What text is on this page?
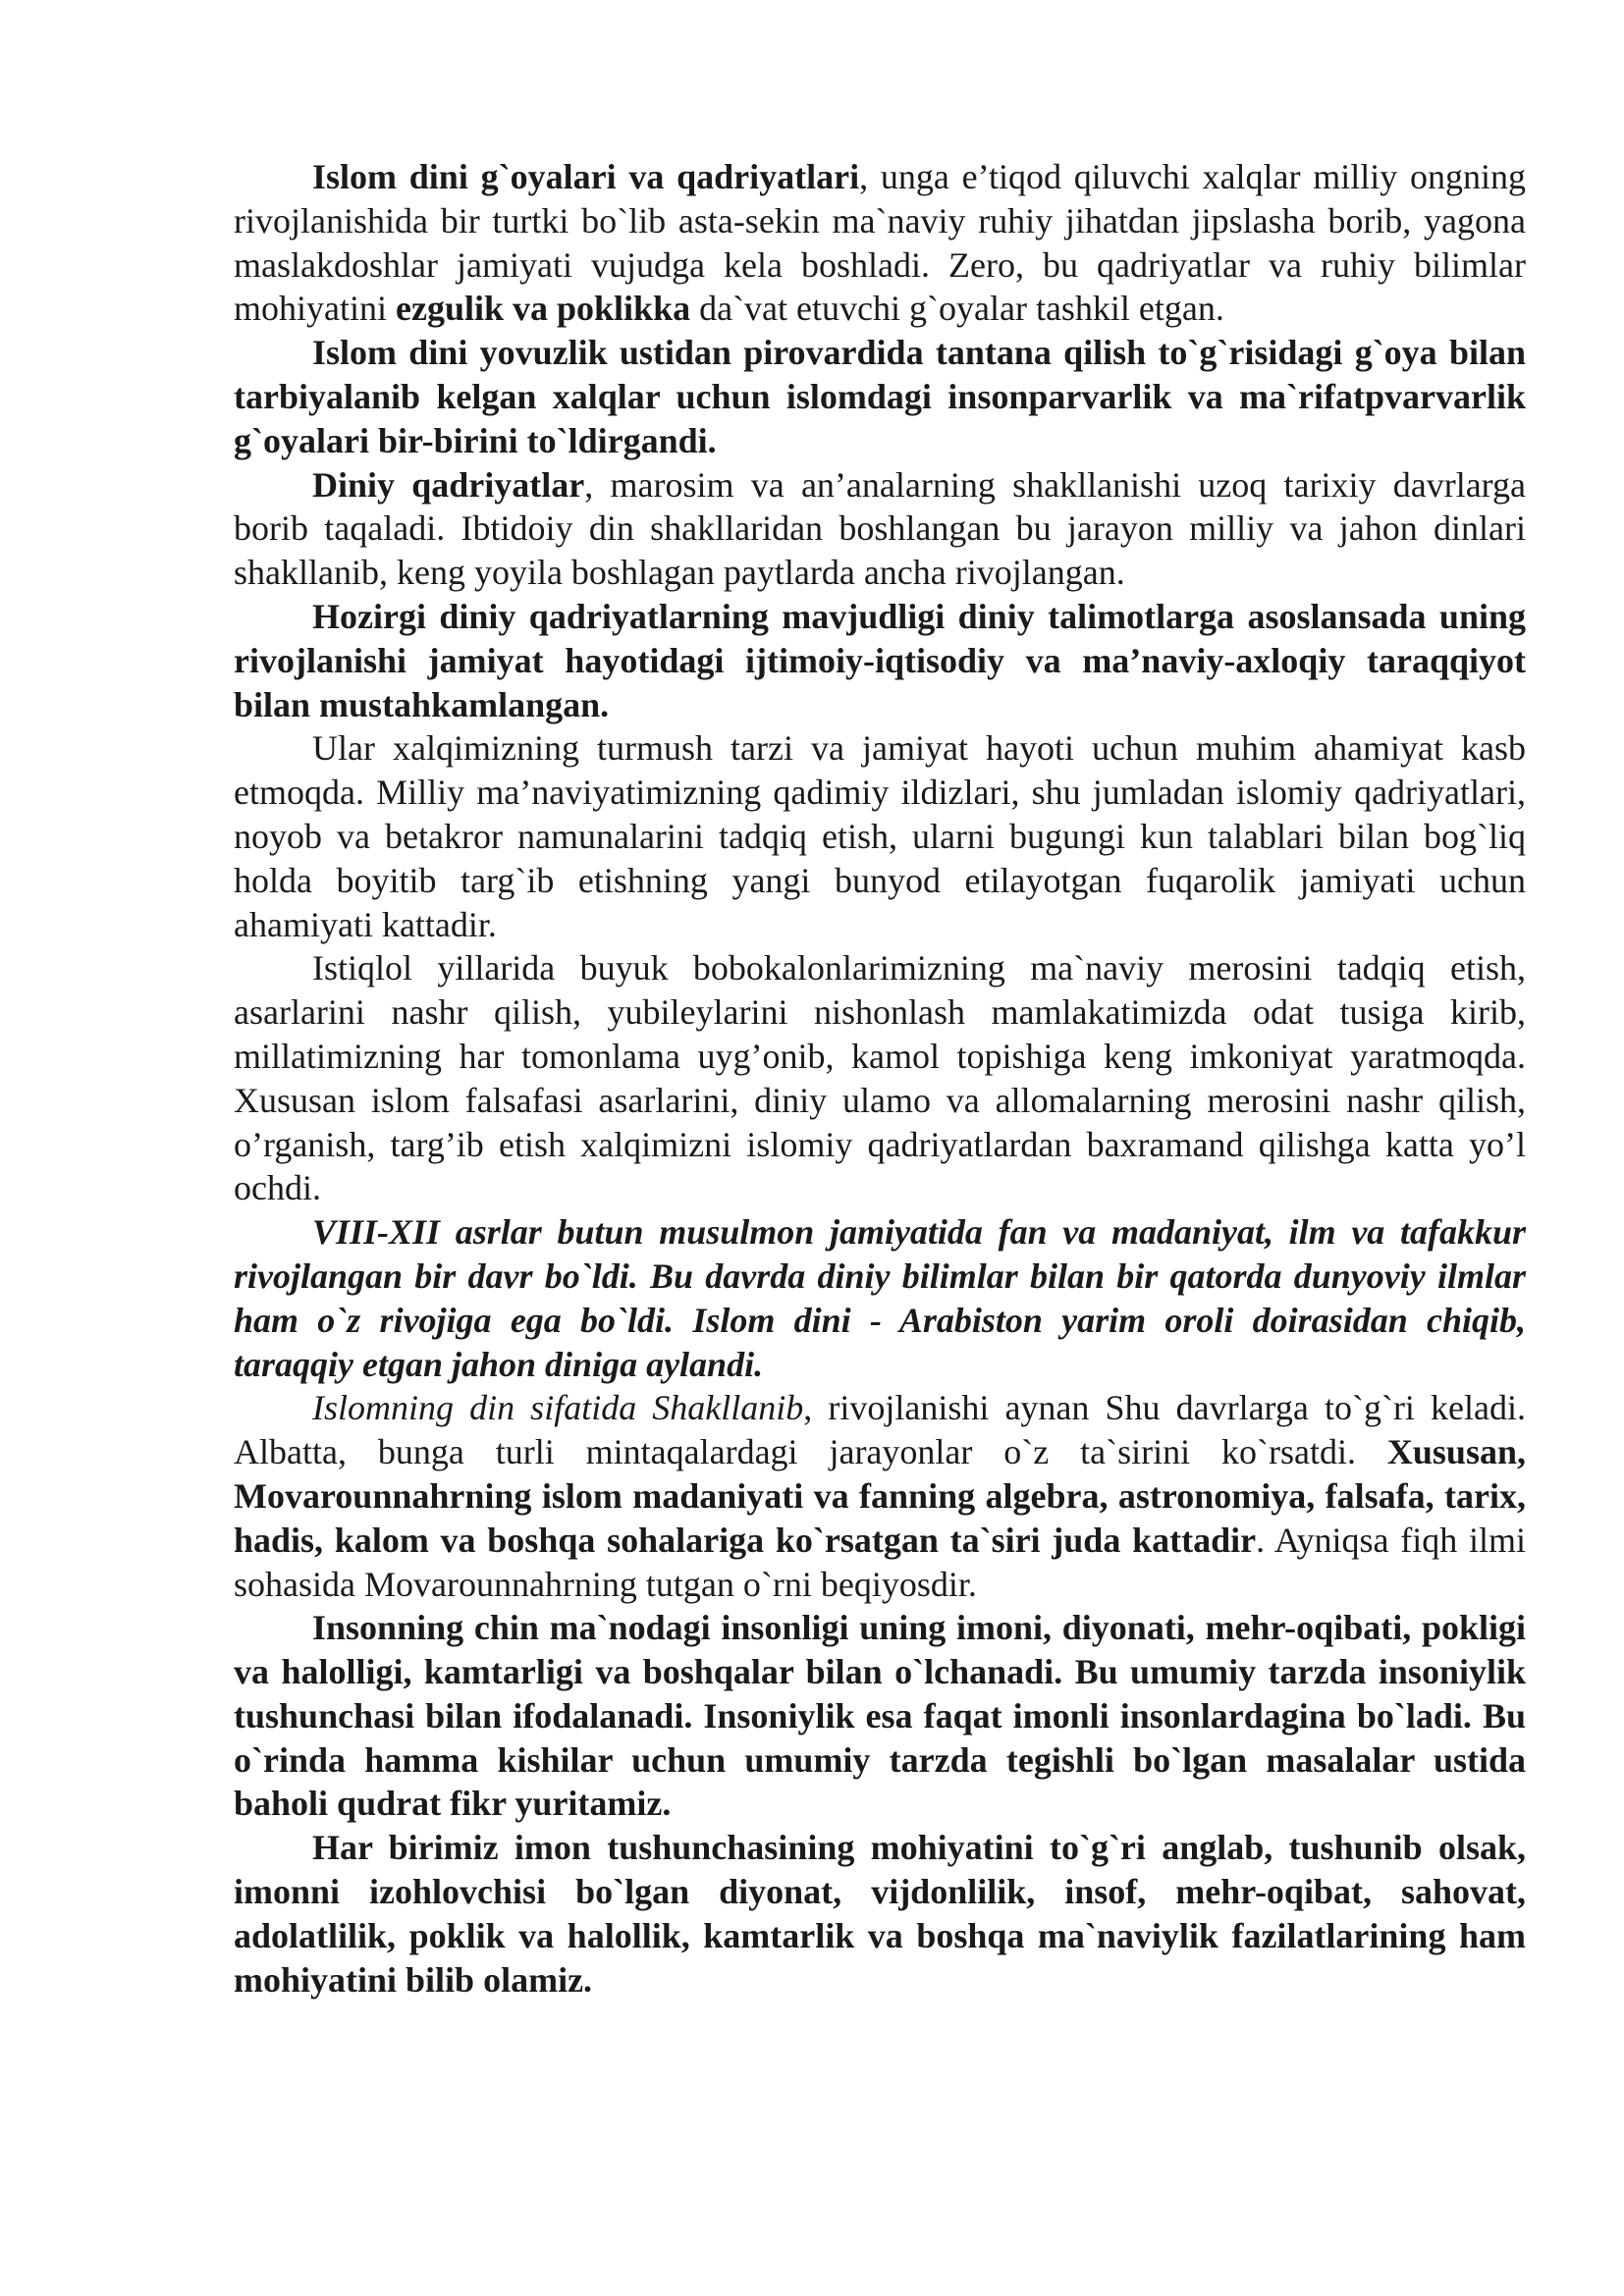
Islom dini g`oyalari va qadriyatlari, unga e’tiqod qiluvchi xalqlar milliy ongning rivojlanishida bir turtki bo`lib asta-sekin ma`naviy ruhiy jihatdan jipslasha borib, yagona maslakdoshlar jamiyati vujudga kela boshladi. Zero, bu qadriyatlar va ruhiy bilimlar mohiyatini ezgulik va poklikka da`vat etuvchi g`oyalar tashkil etgan.

Islom dini yovuzlik ustidan pirovardida tantana qilish to`g`risidagi g`oya bilan tarbiyalanib kelgan xalqlar uchun islomdagi insonparvarlik va ma`rifatpvarvarlik g`oyalari bir-birini to`ldirgandi.

Diniy qadriyatlar, marosim va an’analarning shakllanishi uzoq tarixiy davrlarga borib taqaladi. Ibtidoiy din shakllaridan boshlangan bu jarayon milliy va jahon dinlari shakllanib, keng yoyila boshlagan paytlarda ancha rivojlangan.

Hozirgi diniy qadriyatlarning mavjudligi diniy talimotlarga asoslansada uning rivojlanishi jamiyat hayotidagi ijtimoiy-iqtisodiy va ma’naviy-axloqiy taraqqiyot bilan mustahkamlangan.

Ular xalqimizning turmush tarzi va jamiyat hayoti uchun muhim ahamiyat kasb etmoqda. Milliy ma’naviyatimizning qadimiy ildizlari, shu jumladan islomiy qadriyatlari, noyob va betakror namunalarini tadqiq etish, ularni bugungi kun talablari bilan bog`liq holda boyitib targ`ib etishning yangi bunyod etilayotgan fuqarolik jamiyati uchun ahamiyati kattadir.

Istiqlol yillarida buyuk bobokalonlarimizning ma`naviy merosini tadqiq etish, asarlarini nashr qilish, yubileylarini nishonlash mamlakatimizda odat tusiga kirib, millatimizning har tomonlama uyg’onib, kamol topishiga keng imkoniyat yaratmoqda. Xususan islom falsafasi asarlarini, diniy ulamo va allomalarning merosini nashr qilish, o’rganish, targ’ib etish xalqimizni islomiy qadriyatlardan baxramand qilishga katta yo’l ochdi.

VIII-XII asrlar butun musulmon jamiyatida fan va madaniyat, ilm va tafakkur rivojlangan bir davr bo`ldi. Bu davrda diniy bilimlar bilan bir qatorda dunyoviy ilmlar ham o`z rivojiga ega bo`ldi. Islom dini - Arabiston yarim oroli doirasidan chiqib, taraqqiy etgan jahon diniga aylandi.

Islomning din sifatida Shakllanib, rivojlanishi aynan Shu davrlarga to`g`ri keladi. Albatta, bunga turli mintaqalardagi jarayonlar o`z ta`sirini ko`rsatdi. Xususan, Movarounnahrning islom madaniyati va fanning algebra, astronomiya, falsafa, tarix, hadis, kalom va boshqa sohalariga ko`rsatgan ta`siri juda kattadir. Ayniqsa fiqh ilmi sohasida Movarounnahrning tutgan o`rni beqiyosdir.

Insonning chin ma`nodagi insonligi uning imoni, diyonati, mehr-oqibati, pokligi va halolligi, kamtarligi va boshqalar bilan o`lchanadi. Bu umumiy tarzda insoniylik tushunchasi bilan ifodalanadi. Insoniylik esa faqat imonli insonlardagina bo`ladi. Bu o`rinda hamma kishilar uchun umumiy tarzda tegishli bo`lgan masalalar ustida baholi qudrat fikr yuritamiz.

Har birimiz imon tushunchasining mohiyatini to`g`ri anglab, tushunib olsak, imonni izohlovchisi bo`lgan diyonat, vijdonlilik, insof, mehr-oqibat, sahovat, adolatlilik, poklik va halollik, kamtarlik va boshqa ma`naviylik fazilatlarining ham mohiyatini bilib olamiz.
